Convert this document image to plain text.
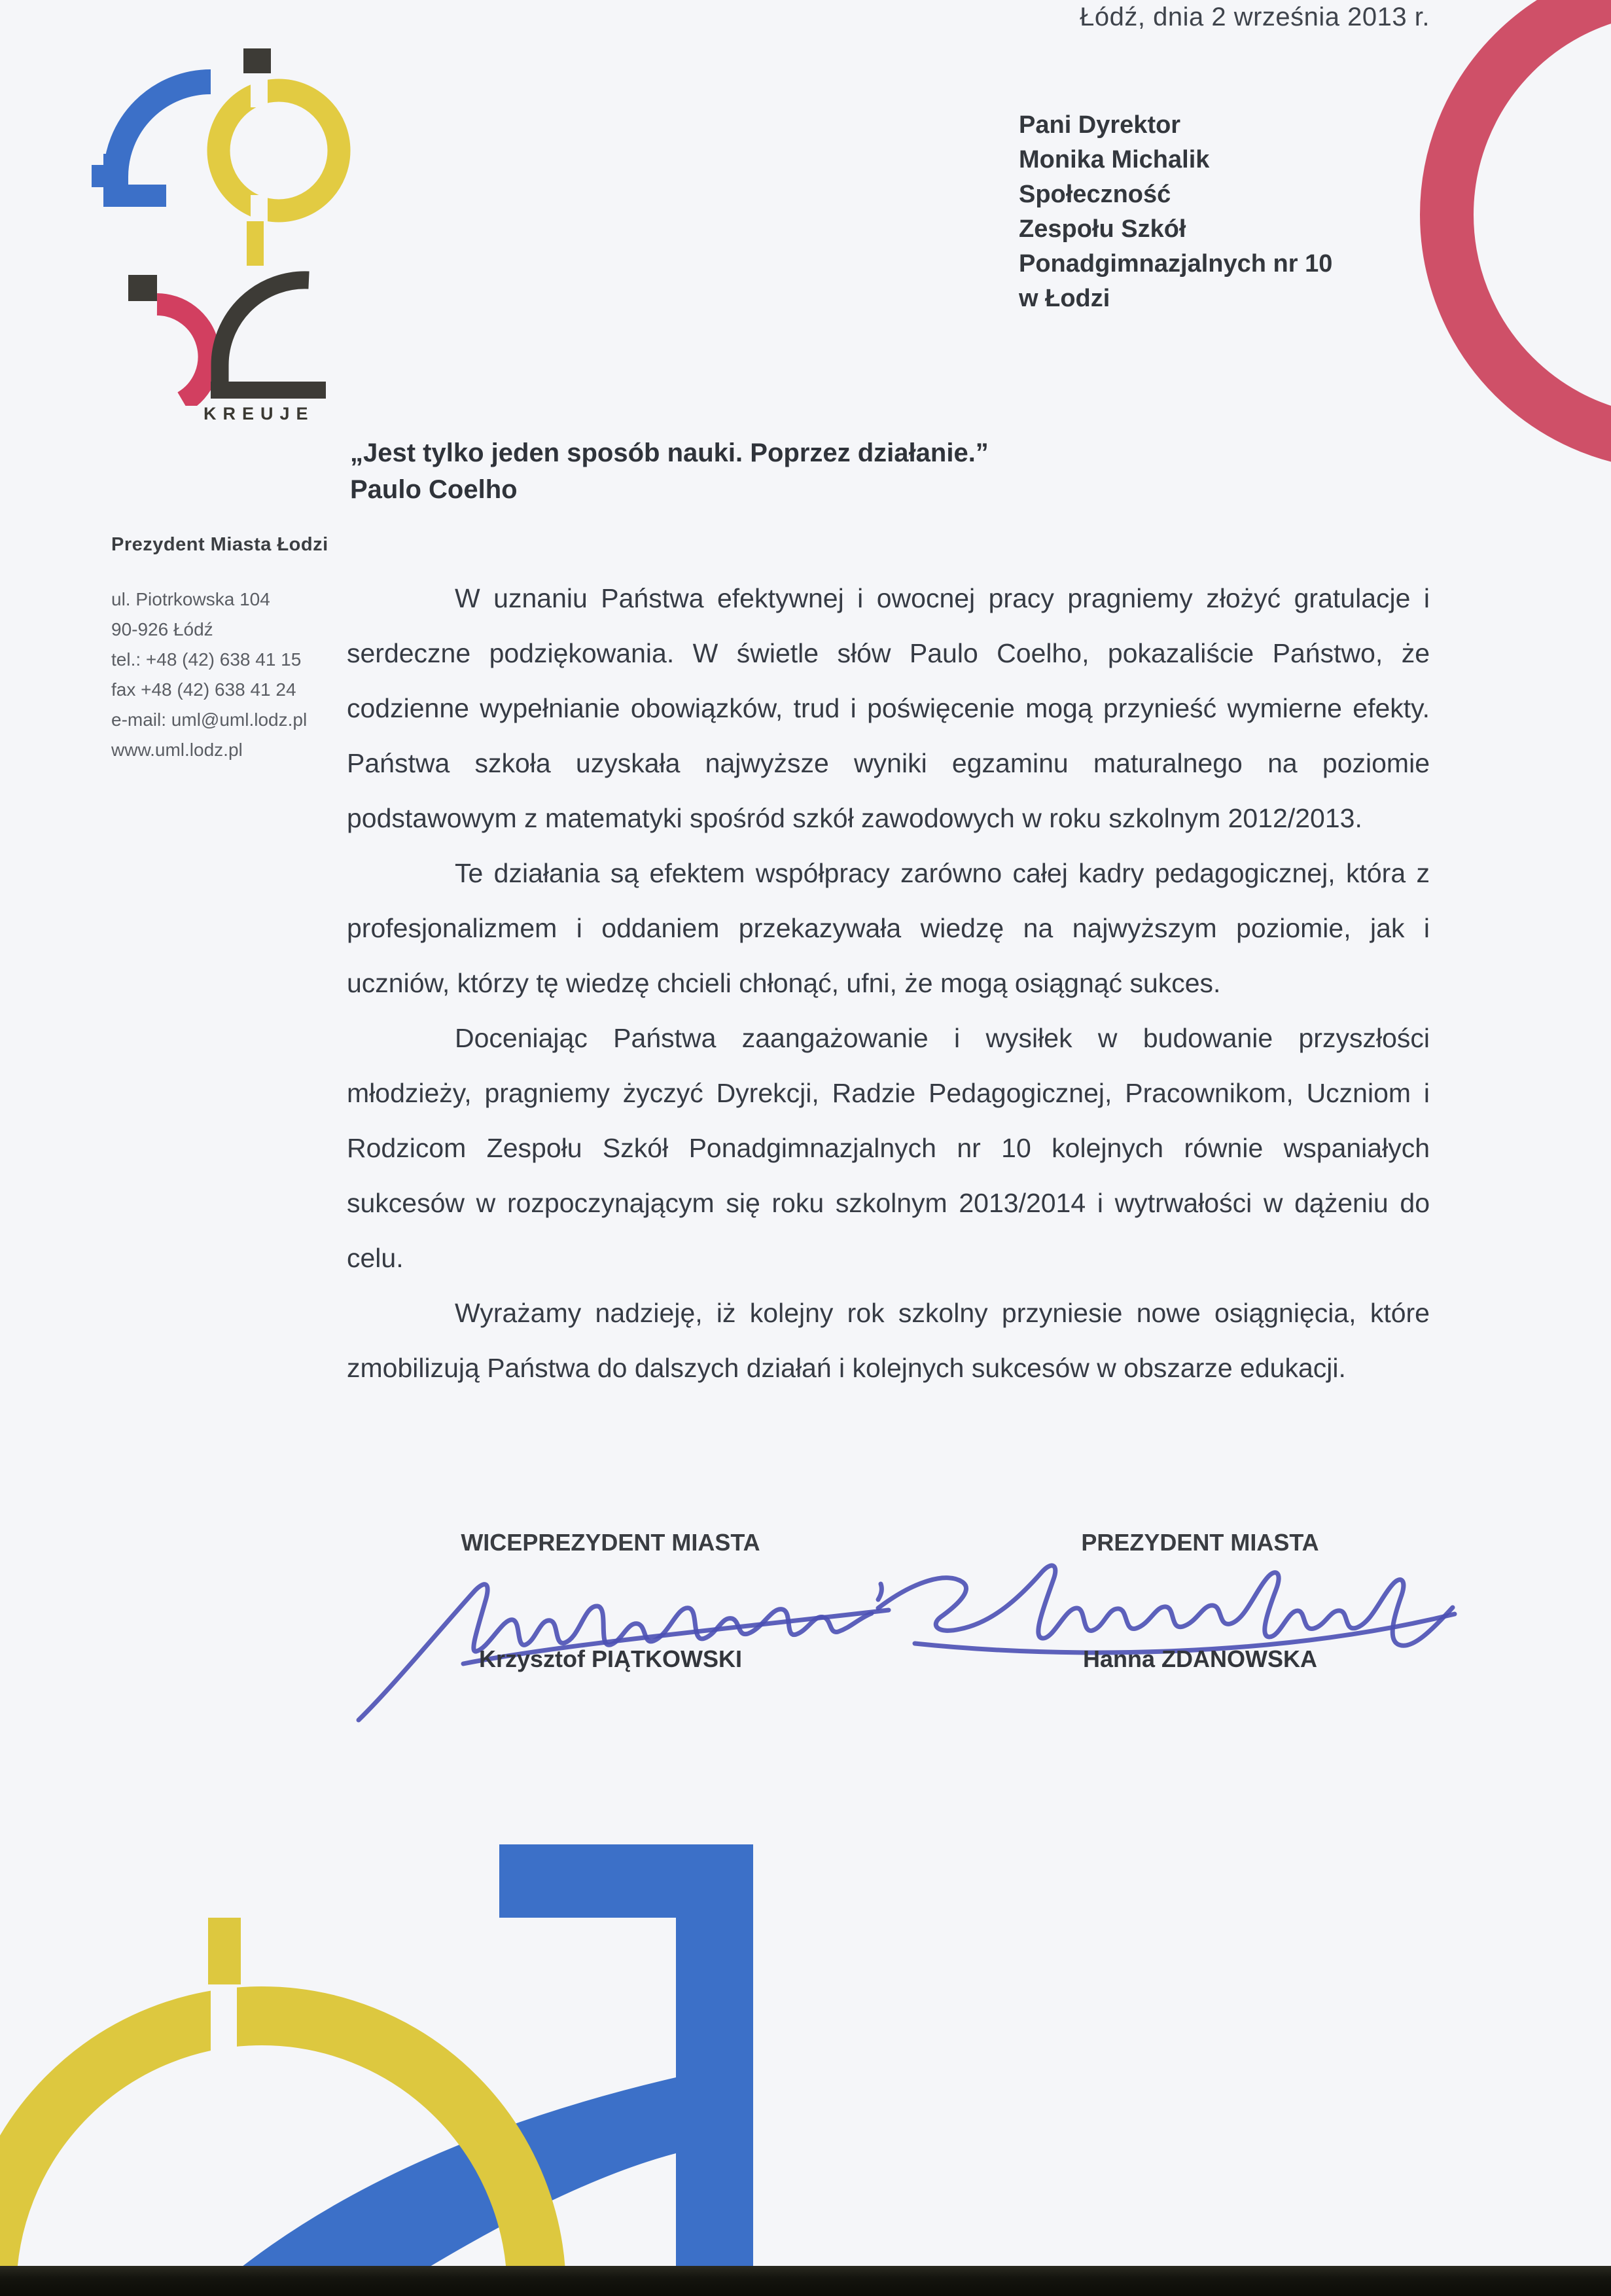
Łódź, dnia 2 września 2013 r.
KREUJE
Pani Dyrektor
Monika Michalik
Społeczność
Zespołu Szkół
Ponadgimnazjalnych nr 10
w Łodzi
„Jest tylko jeden sposób nauki. Poprzez działanie.”
Paulo Coelho
Prezydent Miasta Łodzi
ul. Piotrkowska 104
90-926 Łódź
tel.: +48 (42) 638 41 15
fax +48 (42) 638 41 24
e-mail: uml@uml.lodz.pl
www.uml.lodz.pl

W uznaniu Państwa efektywnej i owocnej pracy pragniemy złożyć gratulacje i serdeczne podziękowania. W świetle słów Paulo Coelho, pokazaliście Państwo, że codzienne wypełnianie obowiązków, trud i poświęcenie mogą przynieść wymierne efekty. Państwa szkoła uzyskała najwyższe wyniki egzaminu maturalnego na poziomie podstawowym z matematyki spośród szkół zawodowych w roku szkolnym 2012/2013.

Te działania są efektem współpracy zarówno całej kadry pedagogicznej, która z profesjonalizmem i oddaniem przekazywała wiedzę na najwyższym poziomie, jak i uczniów, którzy tę wiedzę chcieli chłonąć, ufni, że mogą osiągnąć sukces.

Doceniając Państwa zaangażowanie i wysiłek w budowanie przyszłości młodzieży, pragniemy życzyć Dyrekcji, Radzie Pedagogicznej, Pracownikom, Uczniom i Rodzicom Zespołu Szkół Ponadgimnazjalnych nr 10 kolejnych równie wspaniałych sukcesów w rozpoczynającym się roku szkolnym 2013/2014 i wytrwałości w dążeniu do celu.

Wyrażamy nadzieję, iż kolejny rok szkolny przyniesie nowe osiągnięcia, które zmobilizują Państwa do dalszych działań i kolejnych sukcesów w obszarze edukacji.

WICEPREZYDENT MIASTA	PREZYDENT MIASTA
Krzysztof PIĄTKOWSKI	Hanna ZDANOWSKA
